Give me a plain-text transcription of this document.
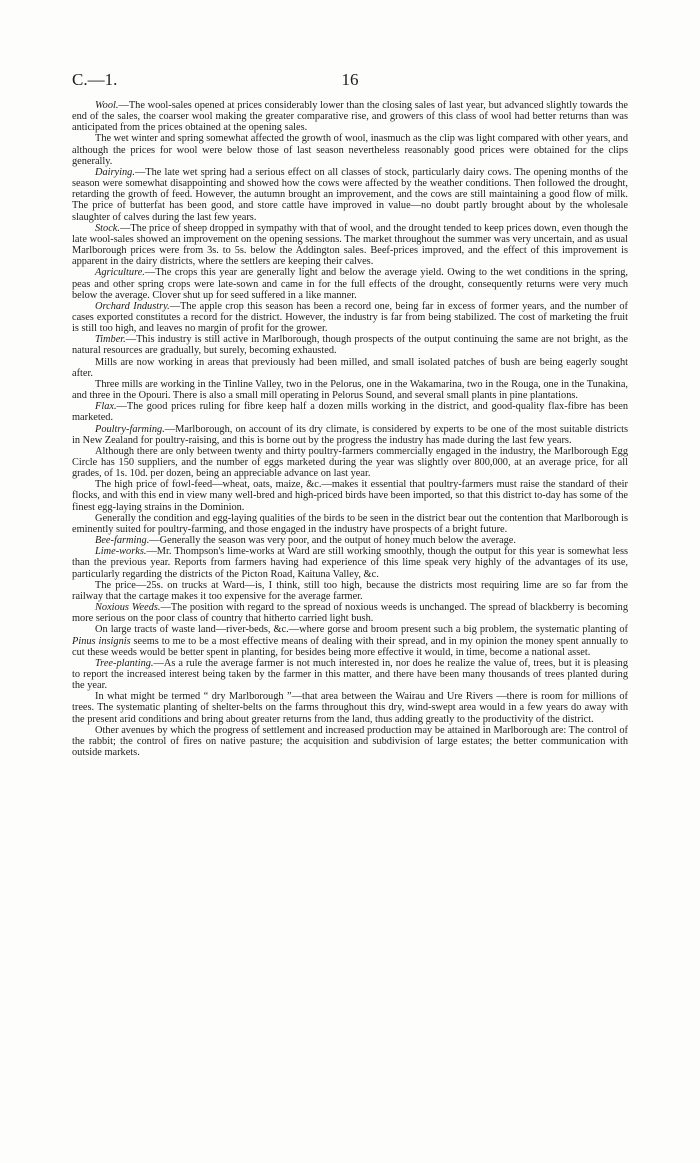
C.—1.	16

Wool.—The wool-sales opened at prices considerably lower than the closing sales of last year, but advanced slightly towards the end of the sales, the coarser wool making the greater comparative rise, and growers of this class of wool had better returns than was anticipated from the prices obtained at the opening sales.

The wet winter and spring somewhat affected the growth of wool, inasmuch as the clip was light compared with other years, and although the prices for wool were below those of last season nevertheless reasonably good prices were obtained for the clips generally.

Dairying.—The late wet spring had a serious effect on all classes of stock, particularly dairy cows. The opening months of the season were somewhat disappointing and showed how the cows were affected by the weather conditions. Then followed the drought, retarding the growth of feed. However, the autumn brought an improvement, and the cows are still maintaining a good flow of milk. The price of butterfat has been good, and store cattle have improved in value—no doubt partly brought about by the wholesale slaughter of calves during the last few years.

Stock.—The price of sheep dropped in sympathy with that of wool, and the drought tended to keep prices down, even though the late wool-sales showed an improvement on the opening sessions. The market throughout the summer was very uncertain, and as usual Marlborough prices were from 3s. to 5s. below the Addington sales. Beef-prices improved, and the effect of this improvement is apparent in the dairy districts, where the settlers are keeping their calves.

Agriculture.—The crops this year are generally light and below the average yield. Owing to the wet conditions in the spring, peas and other spring crops were late-sown and came in for the full effects of the drought, consequently returns were very much below the average. Clover shut up for seed suffered in a like manner.

Orchard Industry.—The apple crop this season has been a record one, being far in excess of former years, and the number of cases exported constitutes a record for the district. However, the industry is far from being stabilized. The cost of marketing the fruit is still too high, and leaves no margin of profit for the grower.

Timber.—This industry is still active in Marlborough, though prospects of the output continuing the same are not bright, as the natural resources are gradually, but surely, becoming exhausted.

Mills are now working in areas that previously had been milled, and small isolated patches of bush are being eagerly sought after.

Three mills are working in the Tinline Valley, two in the Pelorus, one in the Wakamarina, two in the Rouga, one in the Tunakina, and three in the Opouri. There is also a small mill operating in Pelorus Sound, and several small plants in pine plantations.

Flax.—The good prices ruling for fibre keep half a dozen mills working in the district, and good-quality flax-fibre has been marketed.

Poultry-farming.—Marlborough, on account of its dry climate, is considered by experts to be one of the most suitable districts in New Zealand for poultry-raising, and this is borne out by the progress the industry has made during the last few years.

Although there are only between twenty and thirty poultry-farmers commercially engaged in the industry, the Marlborough Egg Circle has 150 suppliers, and the number of eggs marketed during the year was slightly over 800,000, at an average price, for all grades, of 1s. 10d. per dozen, being an appreciable advance on last year.

The high price of fowl-feed—wheat, oats, maize, &c.—makes it essential that poultry-farmers must raise the standard of their flocks, and with this end in view many well-bred and high-priced birds have been imported, so that this district to-day has some of the finest egg-laying strains in the Dominion.

Generally the condition and egg-laying qualities of the birds to be seen in the district bear out the contention that Marlborough is eminently suited for poultry-farming, and those engaged in the industry have prospects of a bright future.

Bee-farming.—Generally the season was very poor, and the output of honey much below the average.

Lime-works.—Mr. Thompson's lime-works at Ward are still working smoothly, though the output for this year is somewhat less than the previous year. Reports from farmers having had experience of this lime speak very highly of the advantages of its use, particularly regarding the districts of the Picton Road, Kaituna Valley, &c.

The price—25s. on trucks at Ward—is, I think, still too high, because the districts most requiring lime are so far from the railway that the cartage makes it too expensive for the average farmer.

Noxious Weeds.—The position with regard to the spread of noxious weeds is unchanged. The spread of blackberry is becoming more serious on the poor class of country that hitherto carried light bush.

On large tracts of waste land—river-beds, &c.—where gorse and broom present such a big problem, the systematic planting of Pinus insignis seems to me to be a most effective means of dealing with their spread, and in my opinion the money spent annually to cut these weeds would be better spent in planting, for besides being more effective it would, in time, become a national asset.

Tree-planting.—As a rule the average farmer is not much interested in, nor does he realize the value of, trees, but it is pleasing to report the increased interest being taken by the farmer in this matter, and there have been many thousands of trees planted during the year.

In what might be termed “ dry Marlborough ”—that area between the Wairau and Ure Rivers —there is room for millions of trees. The systematic planting of shelter-belts on the farms throughout this dry, wind-swept area would in a few years do away with the present arid conditions and bring about greater returns from the land, thus adding greatly to the productivity of the district.

Other avenues by which the progress of settlement and increased production may be attained in Marlborough are: The control of the rabbit; the control of fires on native pasture; the acquisition and subdivision of large estates; the better communication with outside markets.
